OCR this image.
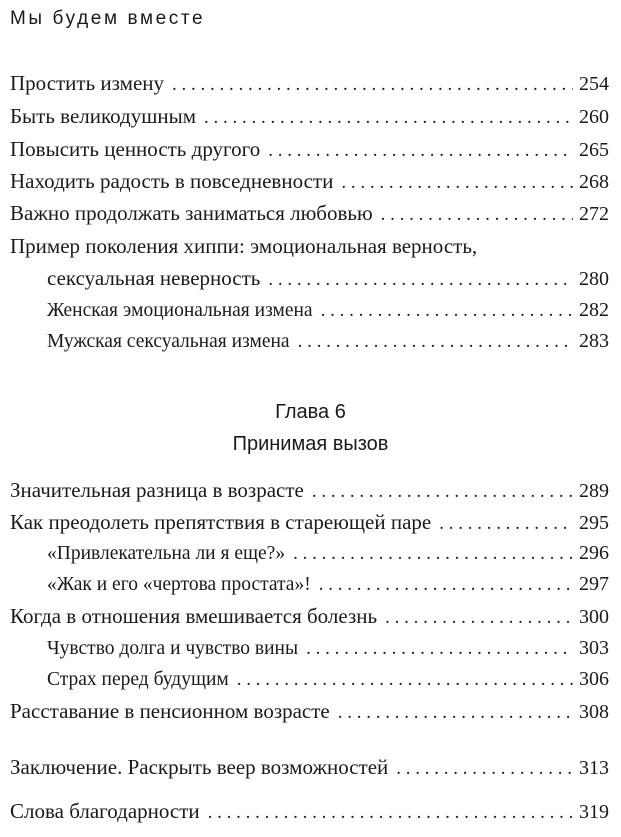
Мы будем вместе
Простить измену . . .	254
Быть великодушным . . .	260
Повысить ценность другого . . .	265
Находить радость в повседневности . . .	268
Важно продолжать заниматься любовью . . .	272
Пример поколения хиппи: эмоциональная верность,
сексуальная неверность . . .	280
Женская эмоциональная измена . . .	282
Мужская сексуальная измена . . .	283
Глава 6
Принимая вызов
Значительная разница в возрасте . . .	289
Как преодолеть препятствия в стареющей паре . . .	295
«Привлекательна ли я еще?» . . .	296
«Жак и его «чертова простата»! . . .	297
Когда в отношения вмешивается болезнь . . .	300
Чувство долга и чувство вины . . .	303
Страх перед будущим . . .	306
Расставание в пенсионном возрасте . . .	308
Заключение. Раскрыть веер возможностей . . .	313
Слова благодарности . . .	319
